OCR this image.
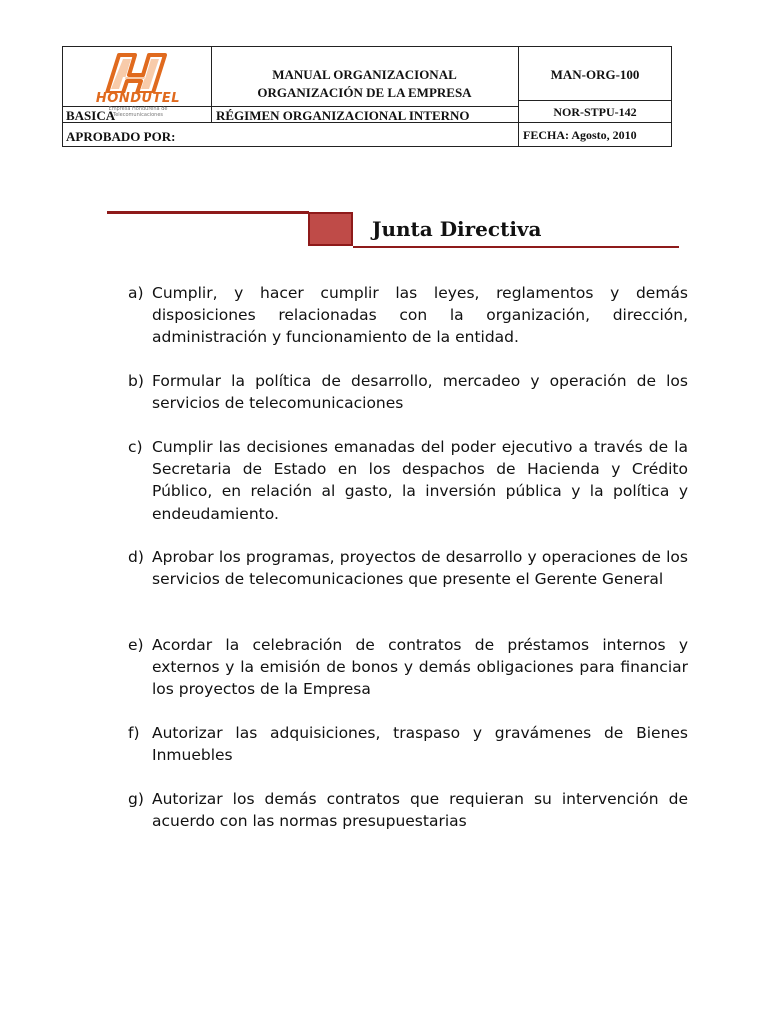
HONDUTEL
Empresa Hondureña de Telecomunicaciones
MANUAL ORGANIZACIONAL
ORGANIZACIÓN DE LA EMPRESA
MAN-ORG-100
NOR-STPU-142
BASICA	RÉGIMEN ORGANIZACIONAL INTERNO
APROBADO POR:	FECHA: Agosto, 2010
Junta Directiva
a) Cumplir, y hacer cumplir las leyes, reglamentos y demás disposiciones relacionadas con la organización, dirección, administración y funcionamiento de la entidad.
b) Formular la política de desarrollo, mercadeo y operación de los servicios de telecomunicaciones
c) Cumplir las decisiones emanadas del poder ejecutivo a través de la Secretaria de Estado en los despachos de Hacienda y Crédito Público, en relación al gasto, la inversión pública y la política y endeudamiento.
d) Aprobar los programas, proyectos de desarrollo y operaciones de los servicios de telecomunicaciones que presente el Gerente General
e) Acordar la celebración de contratos de préstamos internos y externos y la emisión de bonos y demás obligaciones para financiar los proyectos de la Empresa
f) Autorizar las adquisiciones, traspaso y gravámenes de Bienes Inmuebles
g) Autorizar los demás contratos que requieran su intervención de acuerdo con las normas presupuestarias
